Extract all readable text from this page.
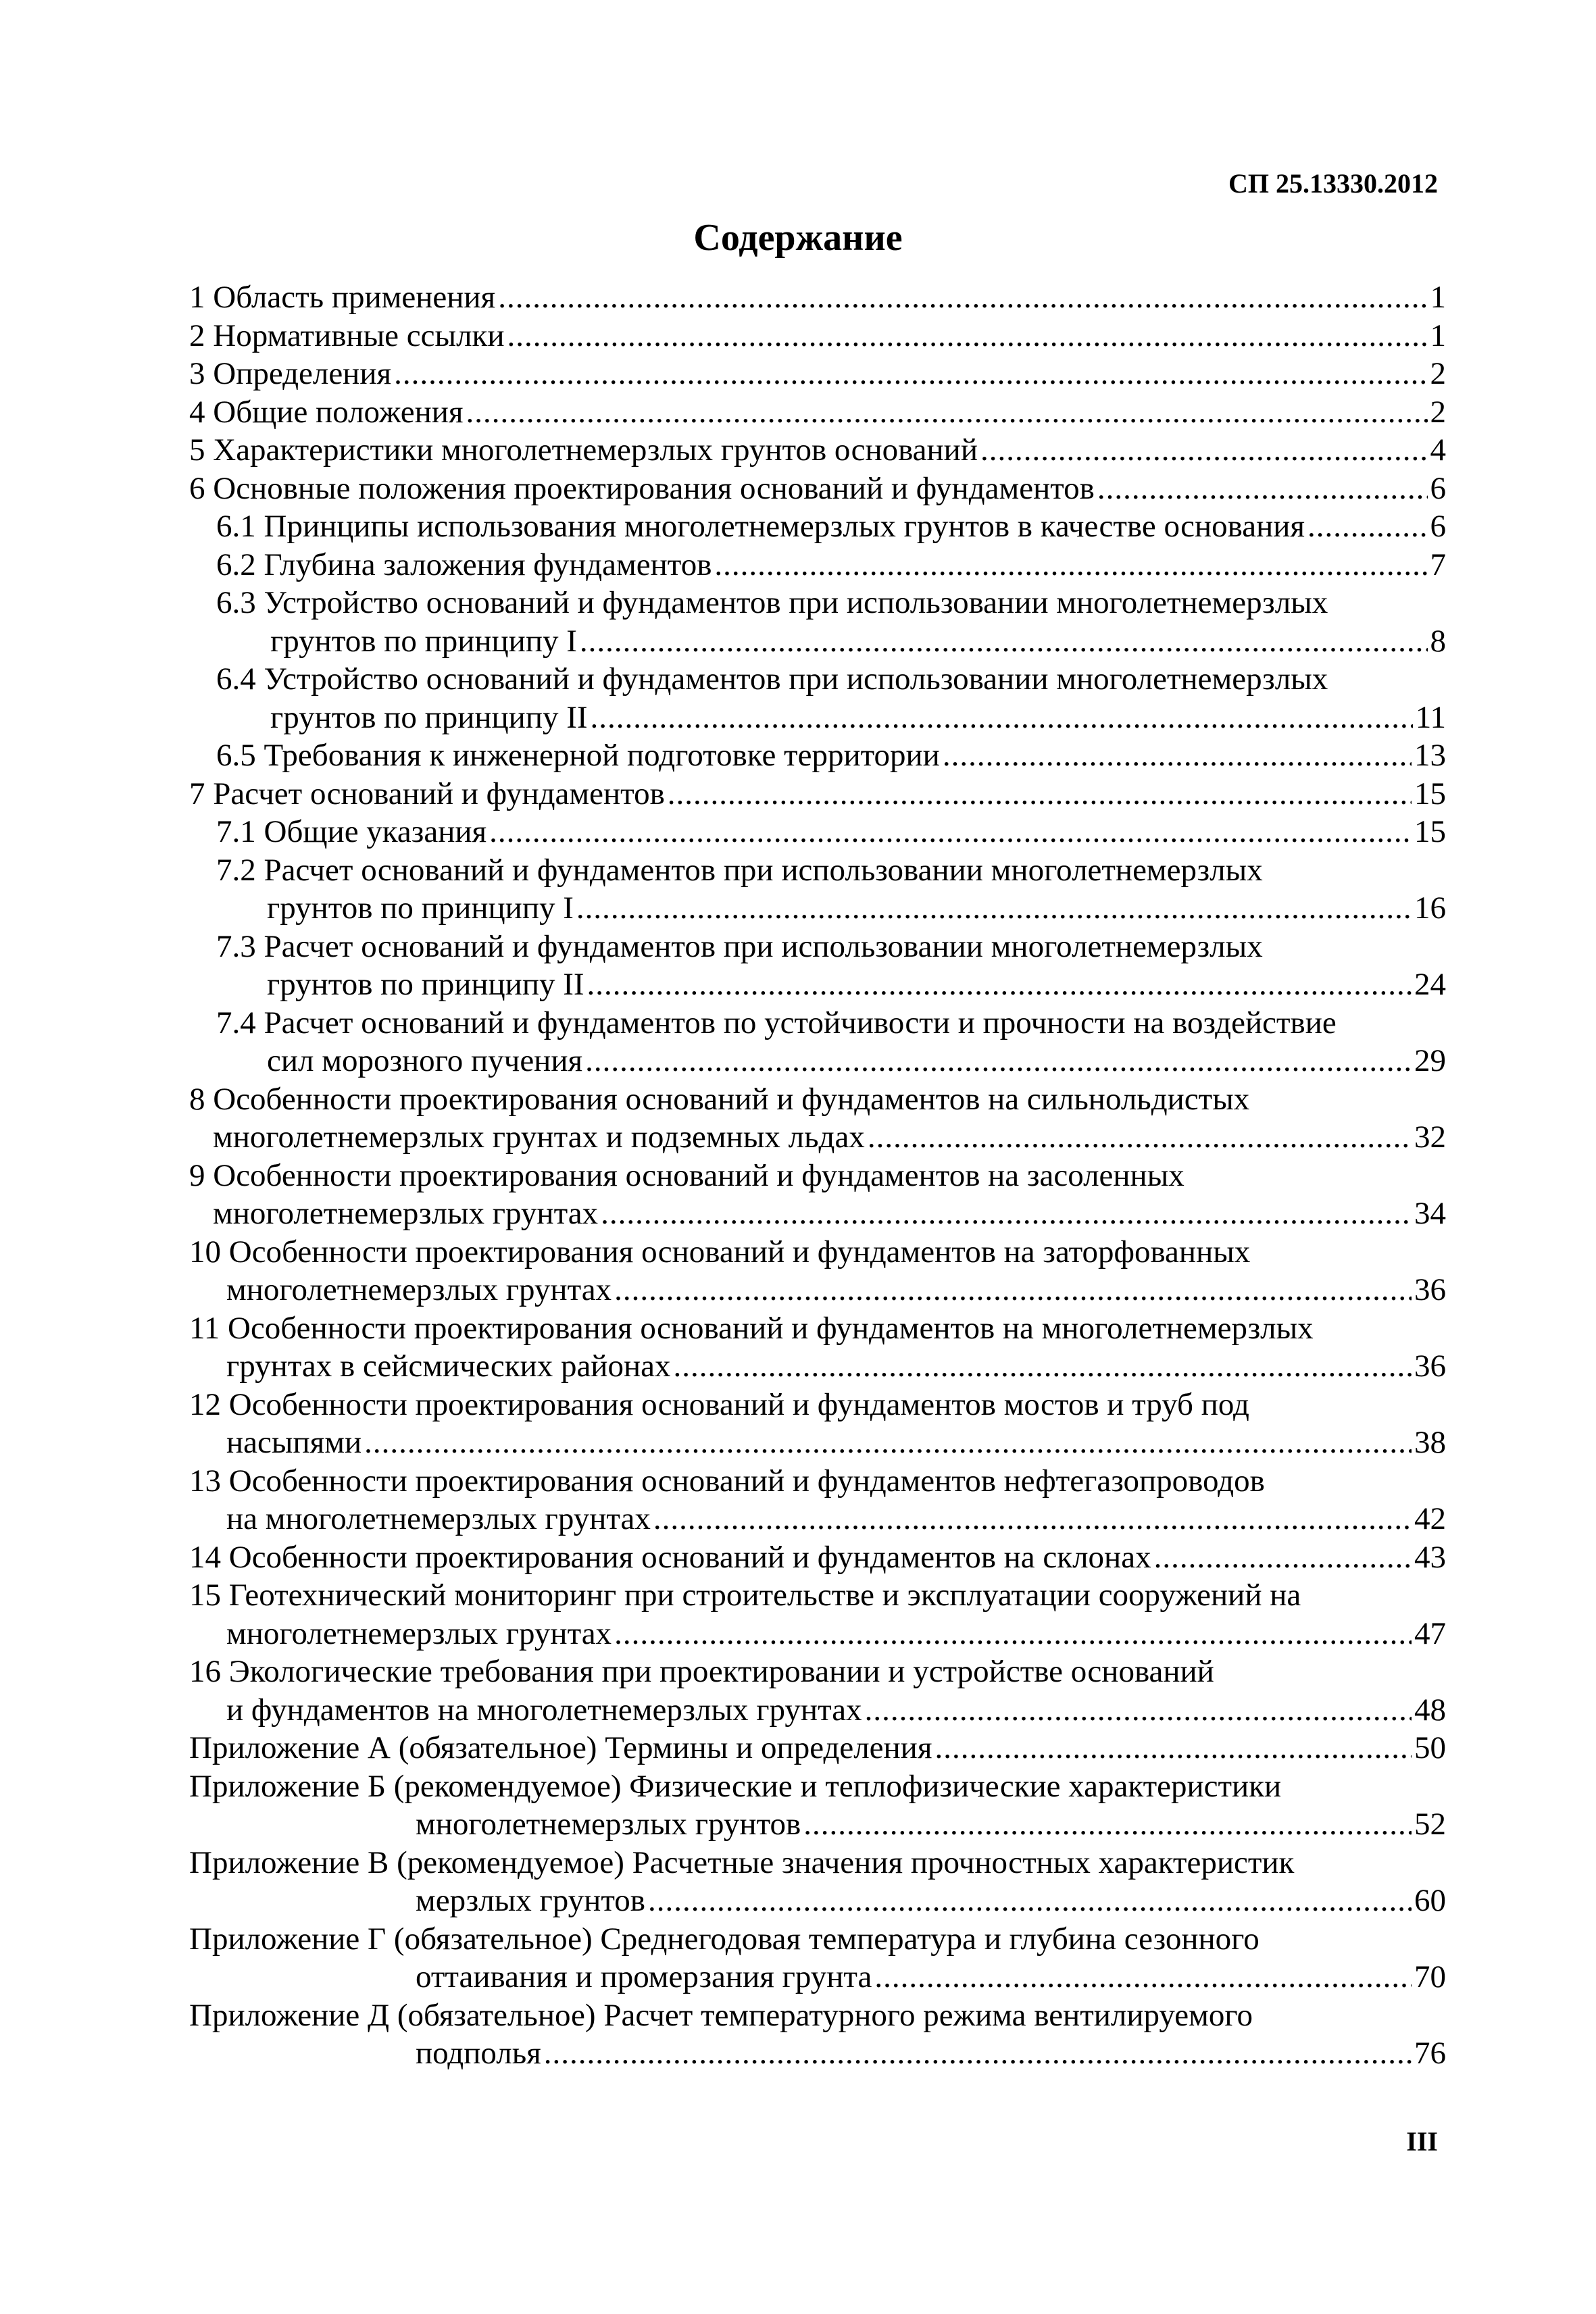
СП 25.13330.2012
Содержание
1 Область применения .....	1
2 Нормативные ссылки .....	1
3 Определения .....	2
4 Общие положения .....	2
5 Характеристики многолетнемерзлых грунтов оснований .....	4
6 Основные положения проектирования оснований и фундаментов .....	6
6.1 Принципы использования многолетнемерзлых грунтов в качестве основания .....	6
6.2 Глубина заложения фундаментов .....	7
6.3 Устройство оснований и фундаментов при использовании многолетнемерзлых
грунтов по принципу I .....	8
6.4 Устройство оснований и фундаментов при использовании многолетнемерзлых
грунтов по принципу II .....	11
6.5 Требования к инженерной подготовке территории .....	13
7 Расчет оснований и фундаментов .....	15
7.1 Общие указания .....	15
7.2 Расчет оснований и фундаментов при использовании многолетнемерзлых
грунтов по принципу I .....	16
7.3 Расчет оснований и фундаментов при использовании многолетнемерзлых
грунтов по принципу II .....	24
7.4 Расчет оснований и фундаментов по устойчивости и прочности на воздействие
сил морозного пучения .....	29
8 Особенности проектирования оснований и фундаментов на сильнольдистых
многолетнемерзлых грунтах и подземных льдах .....	32
9 Особенности проектирования оснований и фундаментов на засоленных
многолетнемерзлых грунтах .....	34
10 Особенности проектирования оснований и фундаментов на заторфованных
многолетнемерзлых грунтах .....	36
11 Особенности проектирования оснований и фундаментов на многолетнемерзлых
грунтах в сейсмических районах .....	36
12 Особенности проектирования оснований и фундаментов мостов и труб под
насыпями .....	38
13 Особенности проектирования оснований и фундаментов нефтегазопроводов
на многолетнемерзлых грунтах .....	42
14 Особенности проектирования оснований и фундаментов на склонах .....	43
15 Геотехнический мониторинг при строительстве и эксплуатации сооружений на
многолетнемерзлых грунтах .....	47
16 Экологические требования при проектировании и устройстве оснований
и фундаментов на многолетнемерзлых грунтах .....	48
Приложение А (обязательное) Термины и определения .....	50
Приложение Б (рекомендуемое) Физические и теплофизические характеристики
многолетнемерзлых грунтов .....	52
Приложение В (рекомендуемое) Расчетные значения прочностных характеристик
мерзлых грунтов .....	60
Приложение Г (обязательное) Среднегодовая температура и глубина сезонного
оттаивания и промерзания грунта .....	70
Приложение Д (обязательное) Расчет температурного режима вентилируемого
подполья .....	76
III
